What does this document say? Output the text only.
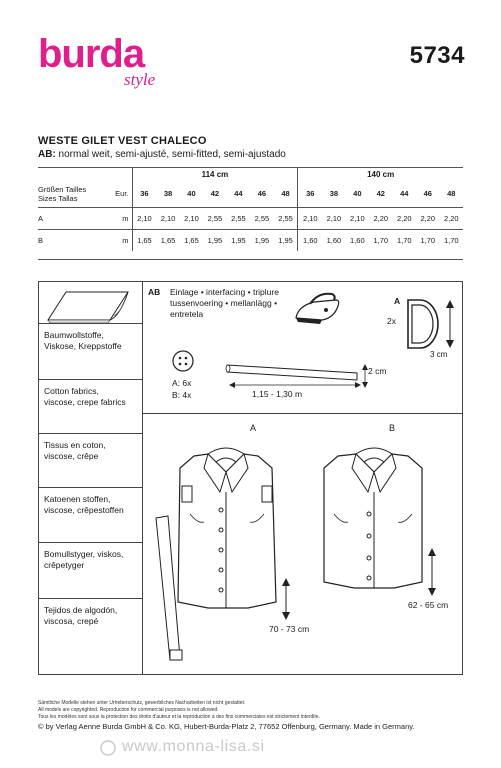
burda
style
5734
WESTE GILET VEST CHALECO
AB: normal weit, semi-ajusté, semi-fitted, semi-ajustado
		114 cm							140 cm						

Größen Tailles
Sizes Tallas	Eur.	36	38	40	42	44	46	48	36	38	40	42	44	46	48
A	m	2,10	2,10	2,10	2,55	2,55	2,55	2,55	2,10	2,10	2,10	2,20	2,20	2,20	2,20
B	m	1,65	1,65	1,65	1,95	1,95	1,95	1,95	1,60	1,60	1,60	1,70	1,70	1,70	1,70
Baumwollstoffe,
Viskose, Kreppstoffe
Cotton fabrics,
viscose, crepe fabrics
Tissus en coton,
viscose, crêpe
Katoenen stoffen,
viscose, crêpestoffen
Bomullstyger, viskos,
crêpetyger
Tejidos de algodón,
viscosa, crepé
AB Einlage • interfacing • triplure
tussenvoering • mellanlägg •
entretela
A
2x
3 cm
A: 6x
B: 4x	1,15 - 1,30 m
2 cm
A	B
70 - 73 cm
62 - 65 cm
Sämtliche Modelle stehen unter Urheberschutz, gewerbliches Nacharbeiten ist nicht gestattet.
All models are copyrighted. Reproduction for commercial purposes is not allowed.
Tous les modèles sont sous la protection des droits d'auteur et la reproduction à des fins commerciales est strictement interdite.
© by Verlag Aenne Burda GmbH & Co. KG, Hubert-Burda-Platz 2, 77652 Offenburg, Germany. Made in Germany.
www.monna-lisa.si
